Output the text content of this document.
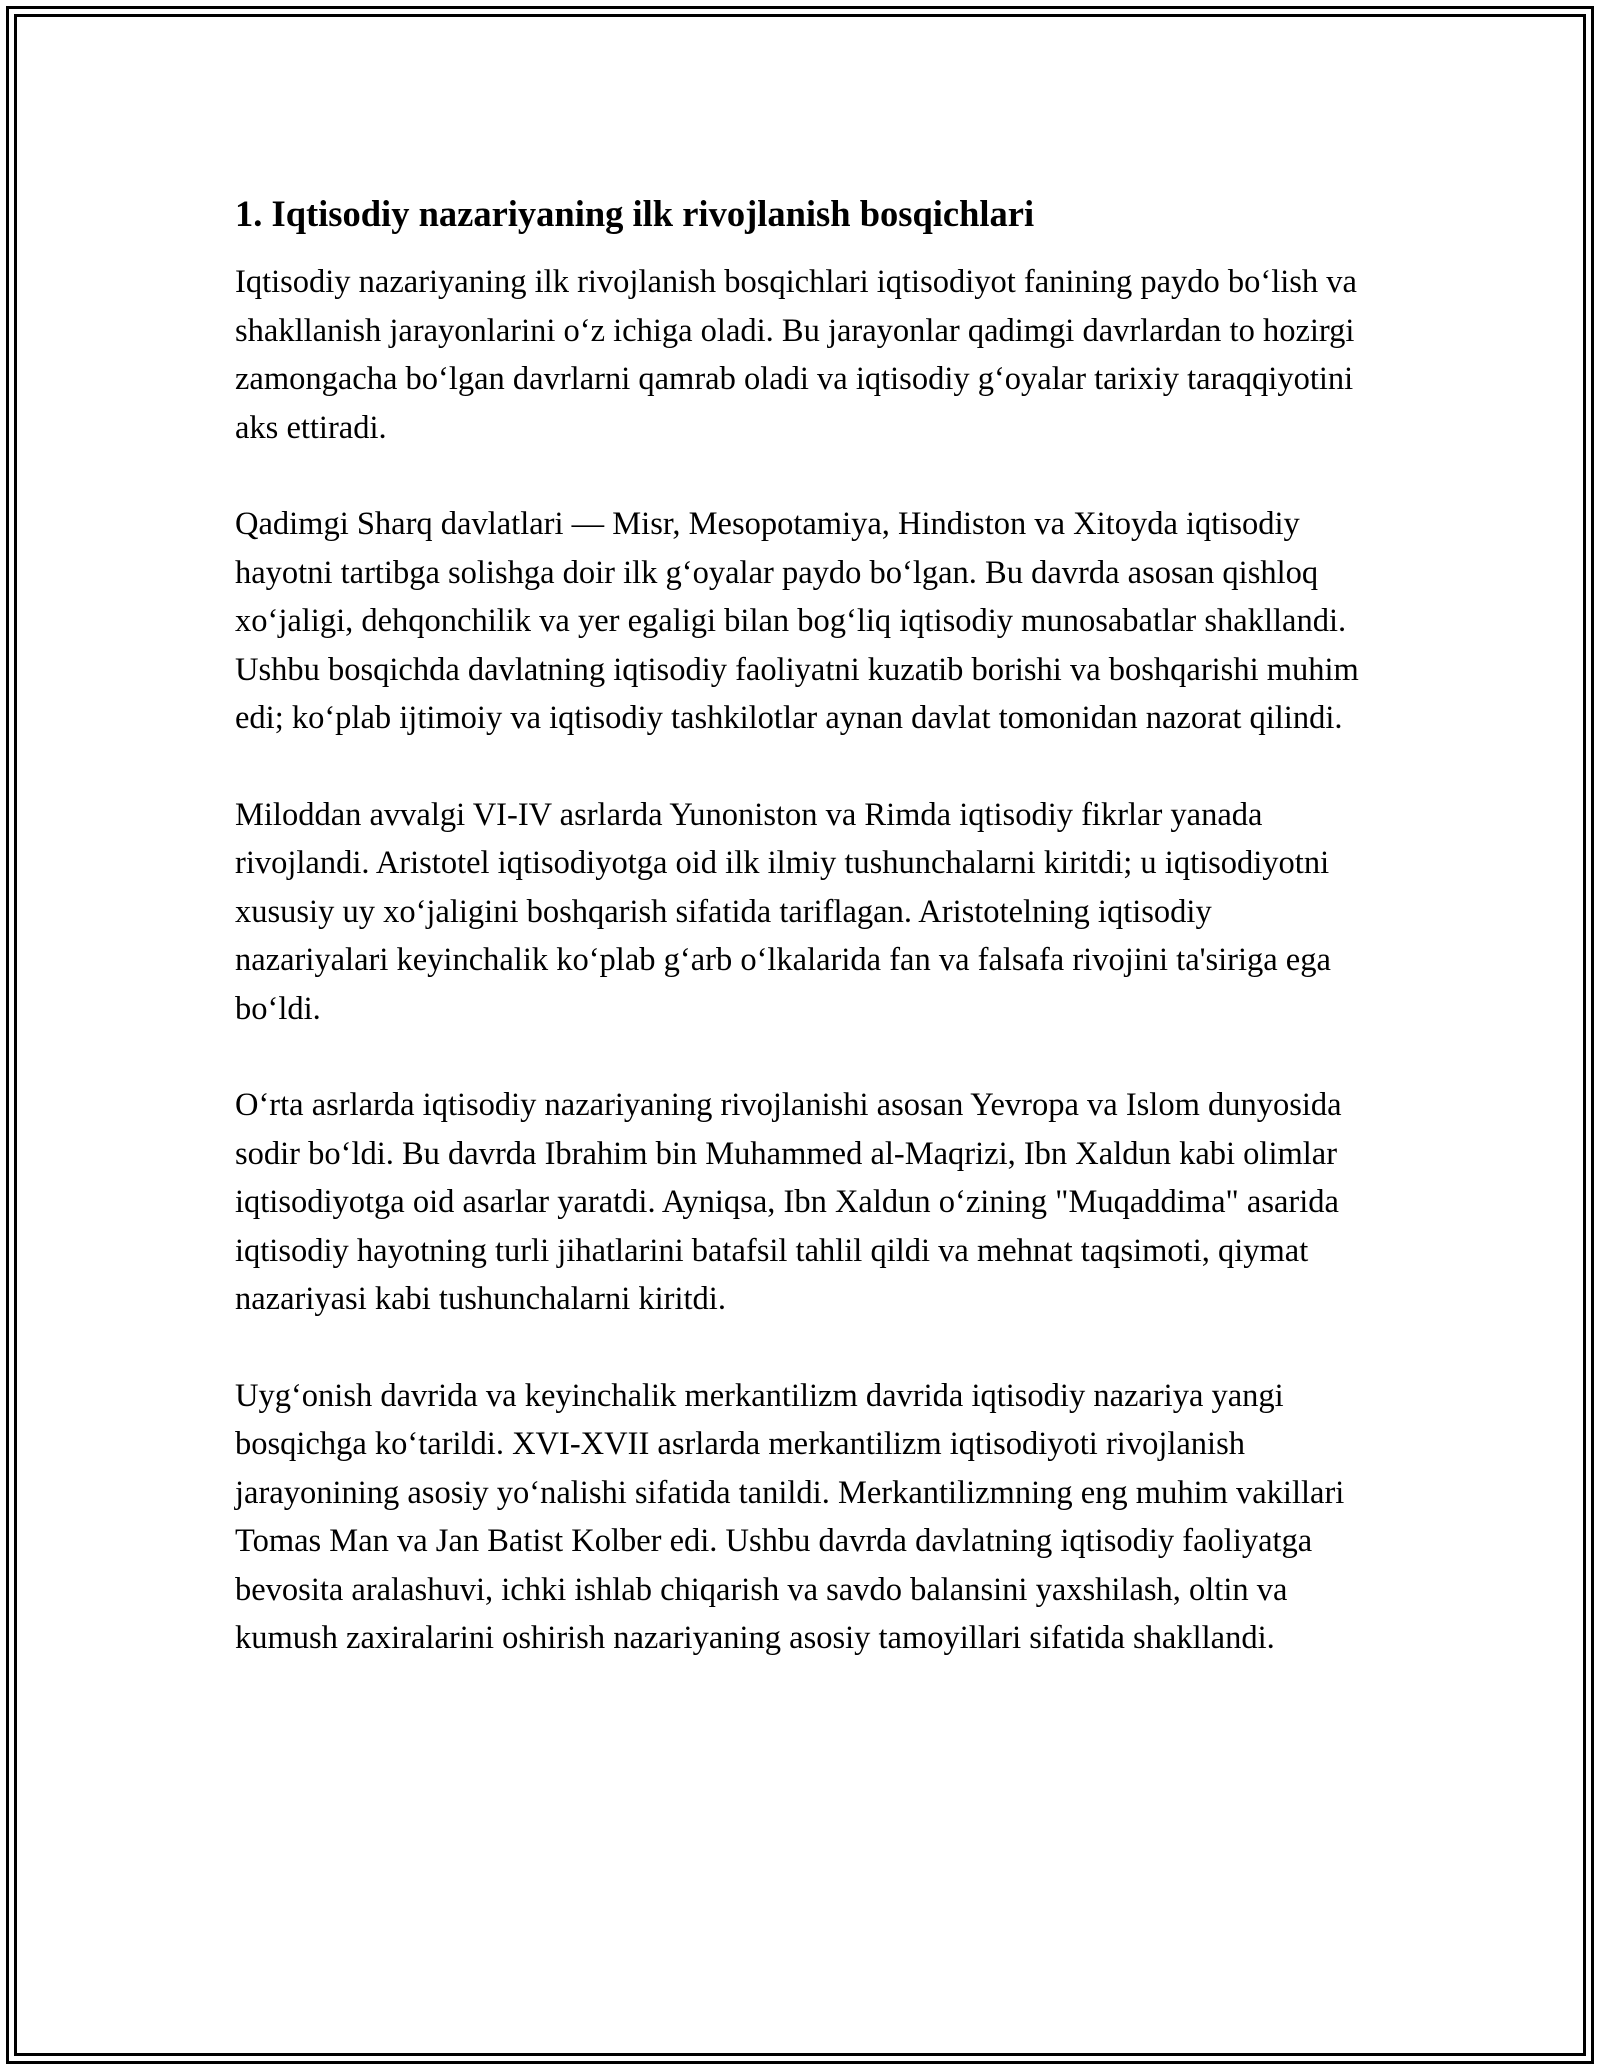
1. Iqtisodiy nazariyaning ilk rivojlanish bosqichlari

Iqtisodiy nazariyaning ilk rivojlanish bosqichlari iqtisodiyot fanining paydo bo‘lish va shakllanish jarayonlarini o‘z ichiga oladi. Bu jarayonlar qadimgi davrlardan to hozirgi zamongacha bo‘lgan davrlarni qamrab oladi va iqtisodiy g‘oyalar tarixiy taraqqiyotini aks ettiradi.

Qadimgi Sharq davlatlari — Misr, Mesopotamiya, Hindiston va Xitoyda iqtisodiy hayotni tartibga solishga doir ilk g‘oyalar paydo bo‘lgan. Bu davrda asosan qishloq xo‘jaligi, dehqonchilik va yer egaligi bilan bog‘liq iqtisodiy munosabatlar shakllandi. Ushbu bosqichda davlatning iqtisodiy faoliyatni kuzatib borishi va boshqarishi muhim edi; ko‘plab ijtimoiy va iqtisodiy tashkilotlar aynan davlat tomonidan nazorat qilindi.

Miloddan avvalgi VI-IV asrlarda Yunoniston va Rimda iqtisodiy fikrlar yanada rivojlandi. Aristotel iqtisodiyotga oid ilk ilmiy tushunchalarni kiritdi; u iqtisodiyotni xususiy uy xo‘jaligini boshqarish sifatida tariflagan. Aristotelning iqtisodiy nazariyalari keyinchalik ko‘plab g‘arb o‘lkalarida fan va falsafa rivojini ta'siriga ega bo‘ldi.

O‘rta asrlarda iqtisodiy nazariyaning rivojlanishi asosan Yevropa va Islom dunyosida sodir bo‘ldi. Bu davrda Ibrahim bin Muhammed al-Maqrizi, Ibn Xaldun kabi olimlar iqtisodiyotga oid asarlar yaratdi. Ayniqsa, Ibn Xaldun o‘zining "Muqaddima" asarida iqtisodiy hayotning turli jihatlarini batafsil tahlil qildi va mehnat taqsimoti, qiymat nazariyasi kabi tushunchalarni kiritdi.

Uyg‘onish davrida va keyinchalik merkantilizm davrida iqtisodiy nazariya yangi bosqichga ko‘tarildi. XVI-XVII asrlarda merkantilizm iqtisodiyoti rivojlanish jarayonining asosiy yo‘nalishi sifatida tanildi. Merkantilizmning eng muhim vakillari Tomas Man va Jan Batist Kolber edi. Ushbu davrda davlatning iqtisodiy faoliyatga bevosita aralashuvi, ichki ishlab chiqarish va savdo balansini yaxshilash, oltin va kumush zaxiralarini oshirish nazariyaning asosiy tamoyillari sifatida shakllandi.
